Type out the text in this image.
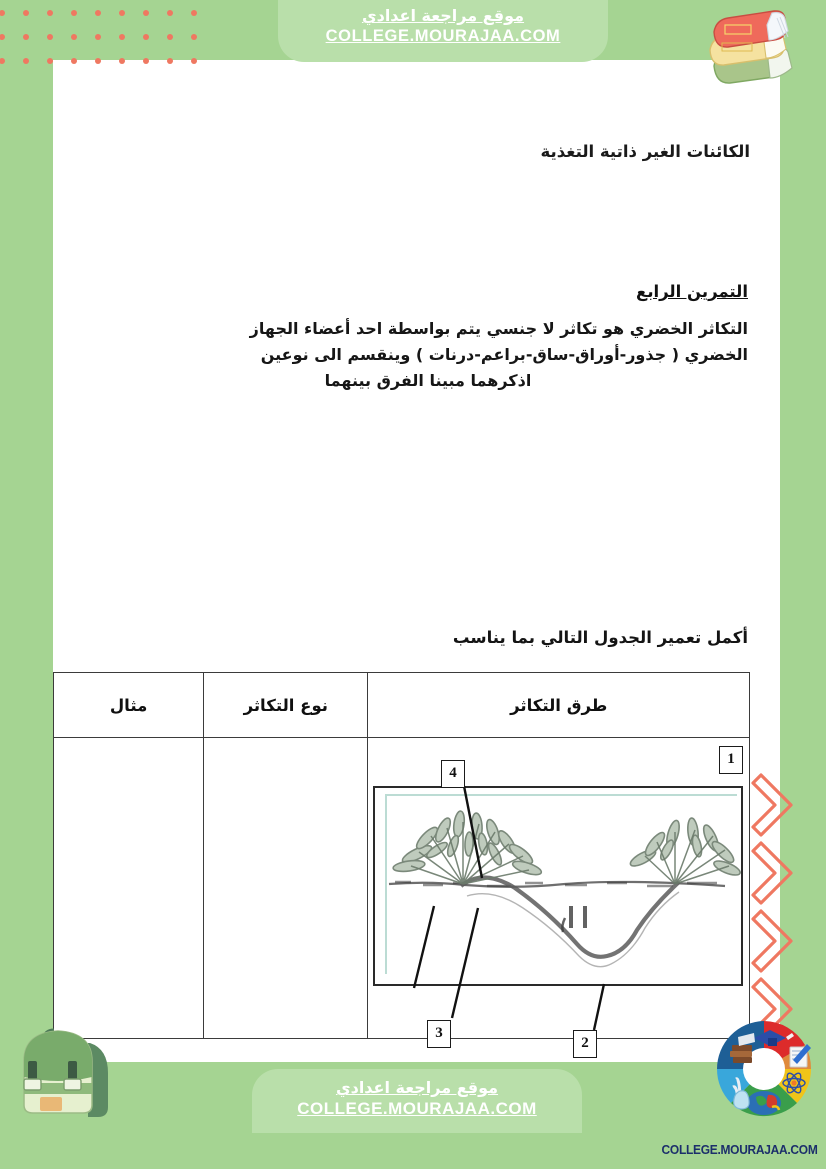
موقع مراجعة اعدادي
COLLEGE.MOURAJAA.COM
الكائنات الغير ذاتية التغذية
التمرين الرابع
التكاثر الخضري هو تكاثر لا جنسي يتم بواسطة احد أعضاء الجهاز
الخضري ( جذور-أوراق-ساق-براعم-درنات ) وينقسم الى نوعين
اذكرهما مبينا الفرق بينهما
أكمل تعمير الجدول التالي بما يناسب
طرق التكاثر	نوع التكاثر	مثال

1
4
3
2		

موقع مراجعة اعدادي
COLLEGE.MOURAJAA.COM
COLLEGE.MOURAJAA.COM
